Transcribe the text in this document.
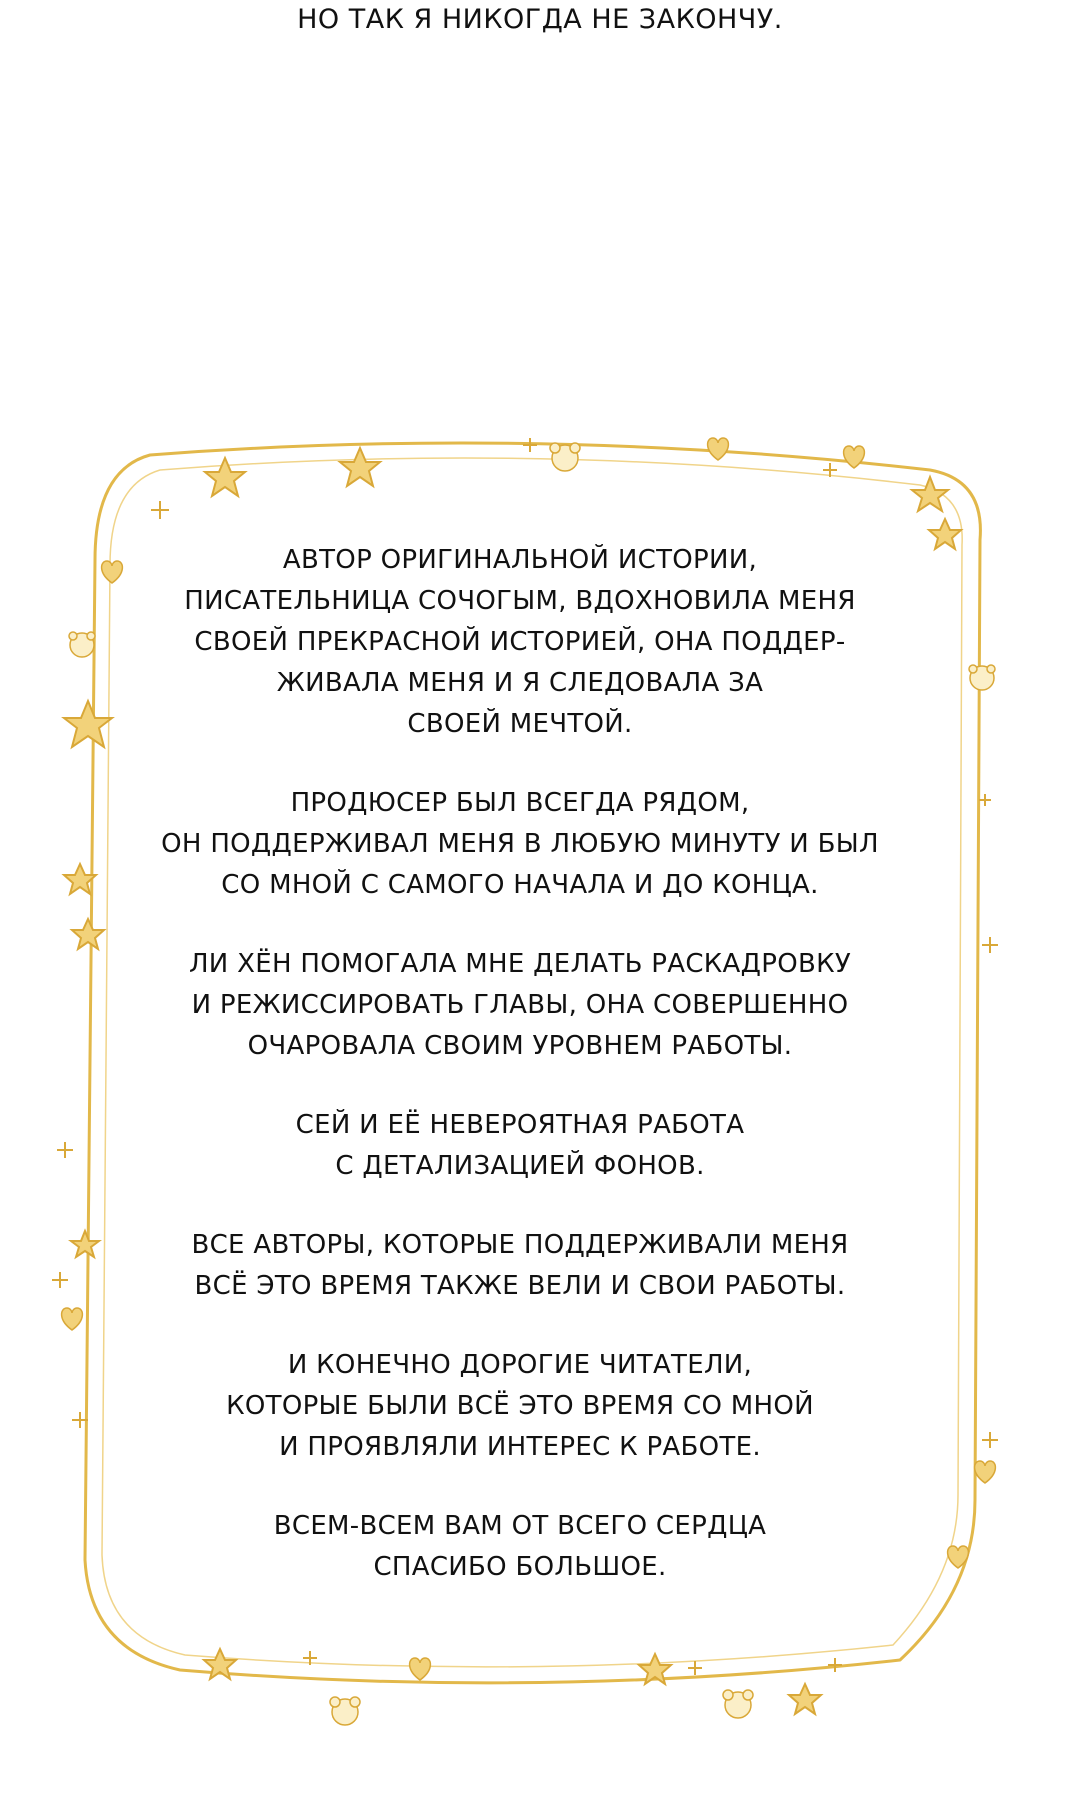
НО ТАК Я НИКОГДА НЕ ЗАКОНЧУ.

АВТОР ОРИГИНАЛЬНОЙ ИСТОРИИ,
ПИСАТЕЛЬНИЦА СОЧОГЫМ, ВДОХНОВИЛА МЕНЯ
СВОЕЙ ПРЕКРАСНОЙ ИСТОРИЕЙ, ОНА ПОДДЕР-
ЖИВАЛА МЕНЯ И Я СЛЕДОВАЛА ЗА
СВОЕЙ МЕЧТОЙ.

ПРОДЮСЕР БЫЛ ВСЕГДА РЯДОМ,
ОН ПОДДЕРЖИВАЛ МЕНЯ В ЛЮБУЮ МИНУТУ И БЫЛ
СО МНОЙ С САМОГО НАЧАЛА И ДО КОНЦА.

ЛИ ХЁН ПОМОГАЛА МНЕ ДЕЛАТЬ РАСКАДРОВКУ
И РЕЖИССИРОВАТЬ ГЛАВЫ, ОНА СОВЕРШЕННО
ОЧАРОВАЛА СВОИМ УРОВНЕМ РАБОТЫ.

СЕЙ И ЕЁ НЕВЕРОЯТНАЯ РАБОТА
С ДЕТАЛИЗАЦИЕЙ ФОНОВ.

ВСЕ АВТОРЫ, КОТОРЫЕ ПОДДЕРЖИВАЛИ МЕНЯ
ВСЁ ЭТО ВРЕМЯ ТАКЖЕ ВЕЛИ И СВОИ РАБОТЫ.

И КОНЕЧНО ДОРОГИЕ ЧИТАТЕЛИ,
КОТОРЫЕ БЫЛИ ВСЁ ЭТО ВРЕМЯ СО МНОЙ
И ПРОЯВЛЯЛИ ИНТЕРЕС К РАБОТЕ.

ВСЕМ-ВСЕМ ВАМ ОТ ВСЕГО СЕРДЦА
СПАСИБО БОЛЬШОЕ.
